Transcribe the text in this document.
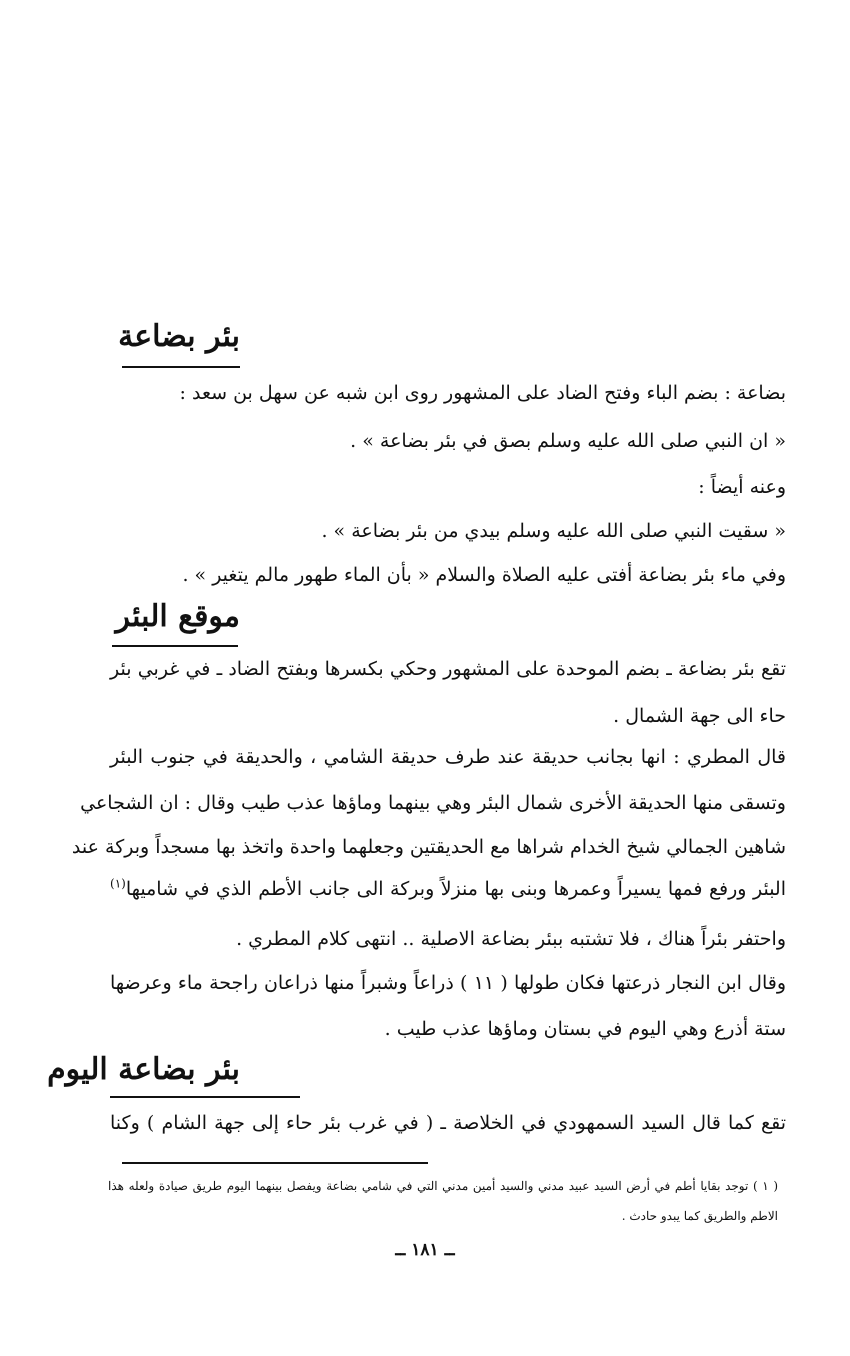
بئر بضاعة
بضاعة : بضم الباء وفتح الضاد على المشهور روى ابن شبه عن سهل بن سعد :
« ان النبي صلى الله عليه وسلم بصق في بئر بضاعة » .
وعنه أيضاً :
« سقيت النبي صلى الله عليه وسلم بيدي من بئر بضاعة » .
وفي ماء بئر بضاعة أفتى عليه الصلاة والسلام « بأن الماء طهور مالم يتغير » .
موقع البئر
تقع بئر بضاعة ـ بضم الموحدة على المشهور وحكي بكسرها وبفتح الضاد ـ في غربي بئر
حاء الى جهة الشمال .
قال المطري : انها بجانب حديقة عند طرف حديقة الشامي ، والحديقة في جنوب البئر
وتسقى منها الحديقة الأخرى شمال البئر وهي بينهما وماؤها عذب طيب وقال : ان الشجاعي
شاهين الجمالي شيخ الخدام شراها مع الحديقتين وجعلهما واحدة واتخذ بها مسجداً وبركة عند
البئر ورفع فمها يسيراً وعمرها وبنى بها منزلاً وبركة الى جانب الأطم الذي في شاميها$^{(١)}$
واحتفر بئراً هناك ، فلا تشتبه ببئر بضاعة الاصلية .. انتهى كلام المطري .
وقال ابن النجار ذرعتها فكان طولها ( ١١ ) ذراعاً وشبراً منها ذراعان راجحة ماء وعرضها
ستة أذرع وهي اليوم في بستان وماؤها عذب طيب .
بئر بضاعة اليوم
تقع كما قال السيد السمهودي في الخلاصة ـ ( في غرب بئر حاء إلى جهة الشام ) وكنا
( ١ ) توجد بقايا أطم في أرض السيد عبيد مدني والسيد أمين مدني التي في شامي بضاعة ويفصل بينهما اليوم طريق صيادة ولعله هذا
الاطم والطريق كما يبدو حادث .
ــ ١٨١ ــ
